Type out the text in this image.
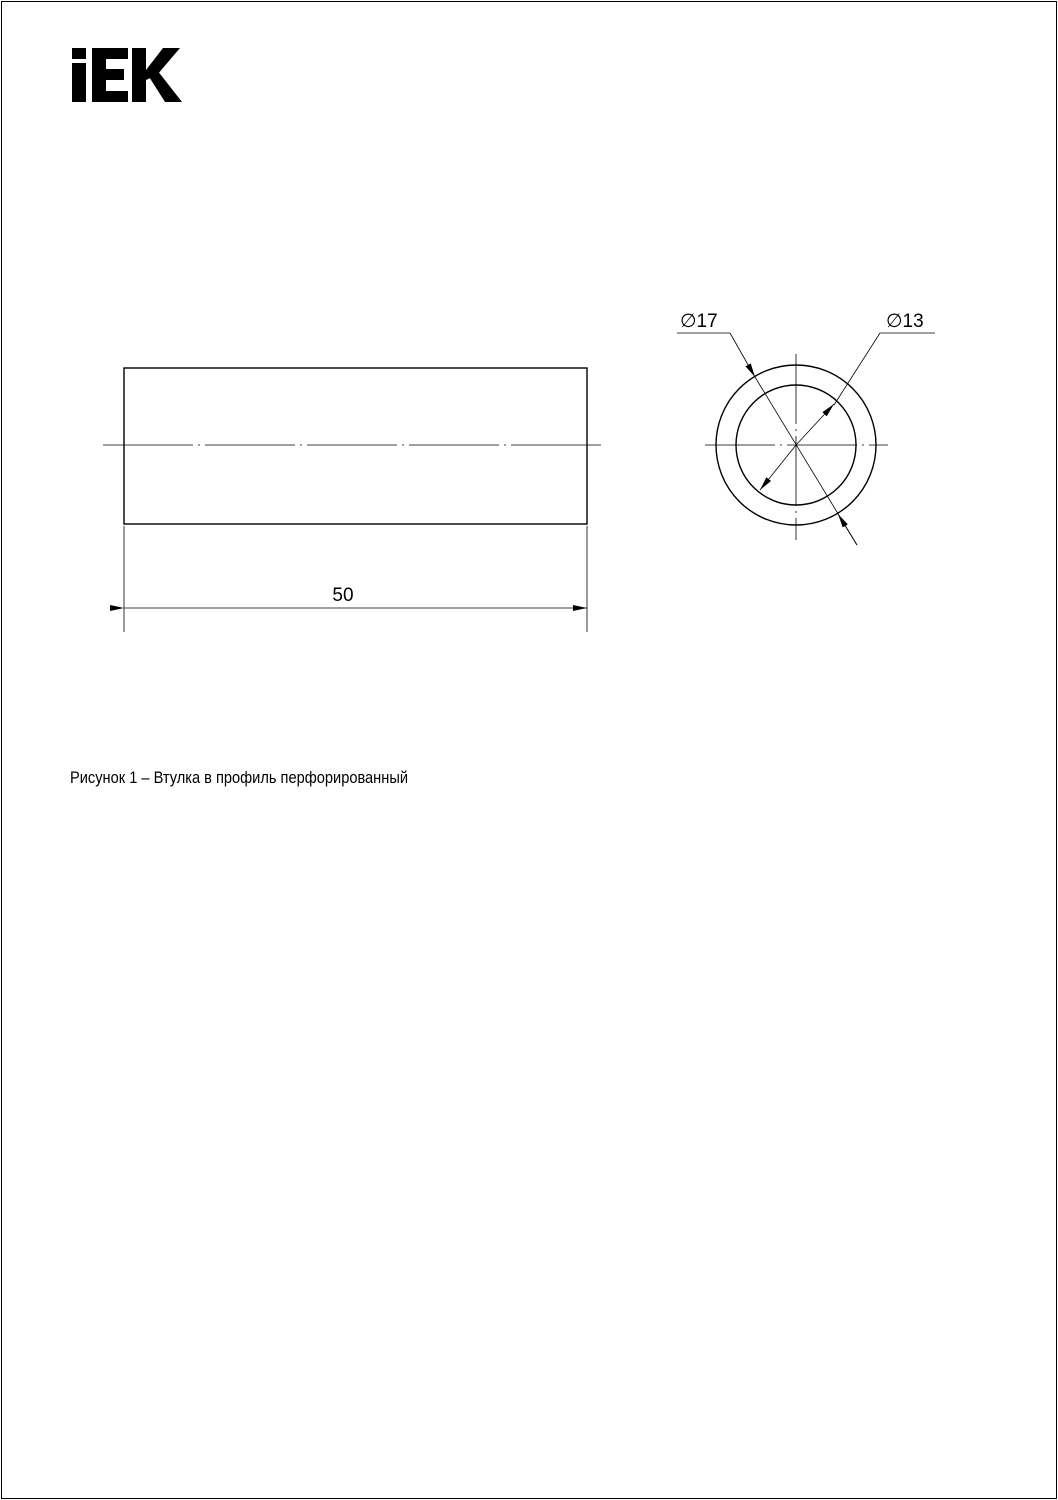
50
∅17	∅13
Рисунок 1 – Втулка в профиль перфорированный
